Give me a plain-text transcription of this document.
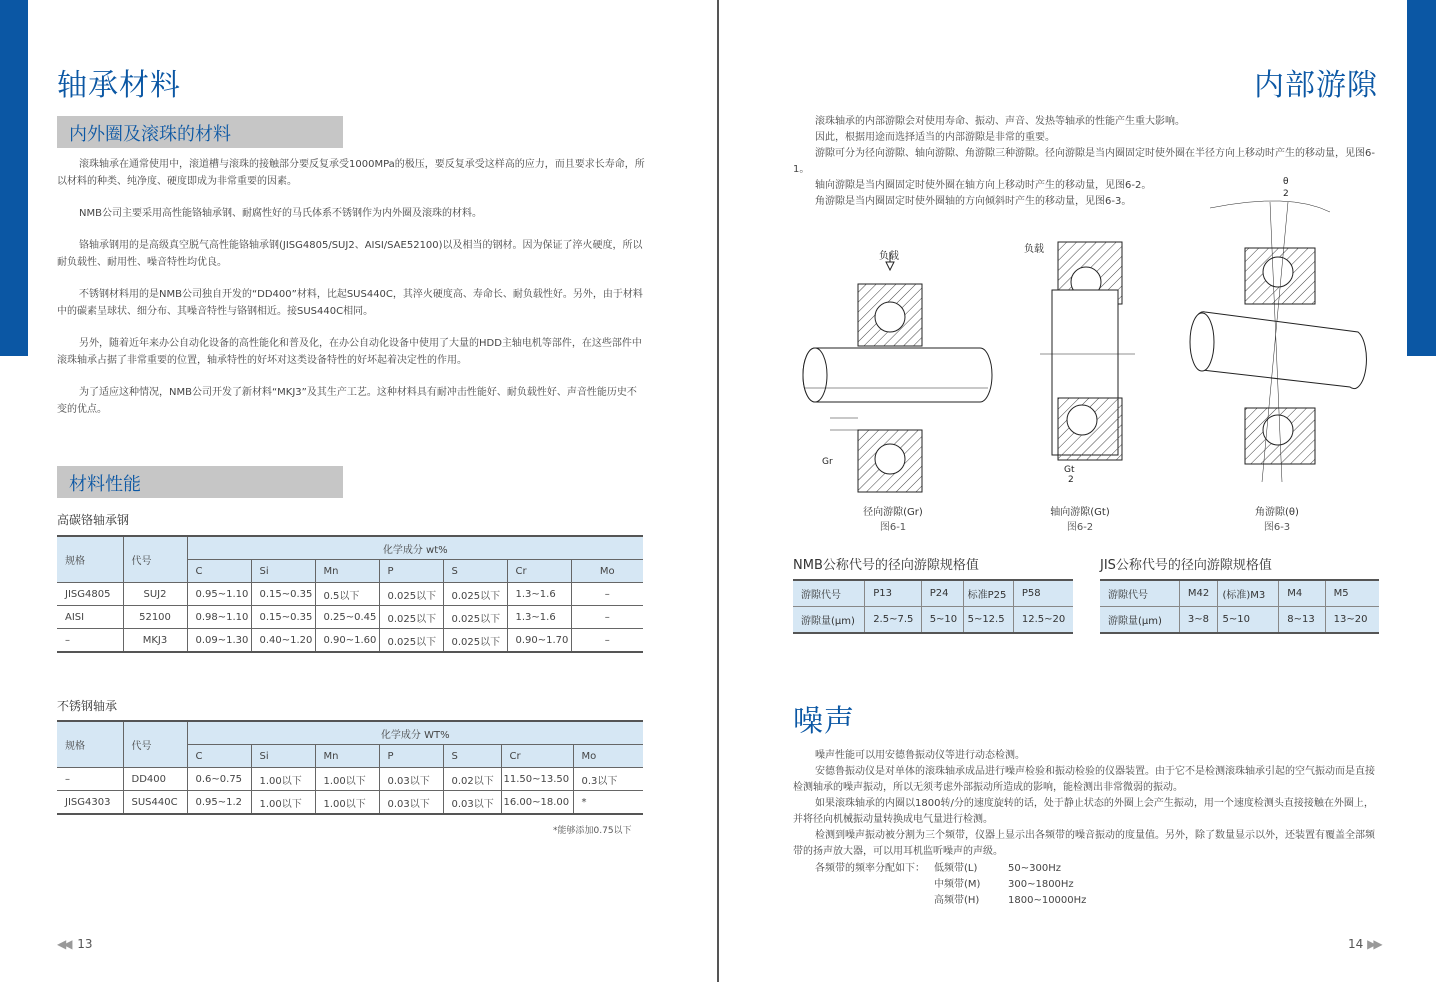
轴承材料
内外圈及滚珠的材料

滚珠轴承在通常使用中，滚道槽与滚珠的接触部分要反复承受1000MPa的极压，要反复承受这样高的应力，而且要求长寿命，所以材料的种类、纯净度、硬度即成为非常重要的因素。

NMB公司主要采用高性能铬轴承钢、耐腐性好的马氏体系不锈钢作为内外圈及滚珠的材料。

铬轴承钢用的是高级真空脱气高性能铬轴承钢(JISG4805/SUJ2、AISI/SAE52100)以及相当的钢材。因为保证了淬火硬度，所以耐负载性、耐用性、噪音特性均优良。

不锈钢材料用的是NMB公司独自开发的“DD400”材料，比起SUS440C，其淬火硬度高、寿命长、耐负载性好。另外，由于材料中的碳素呈球状、细分布、其噪音特性与铬钢相近。接SUS440C相同。

另外，随着近年来办公自动化设备的高性能化和普及化，在办公自动化设备中使用了大量的HDD主轴电机等部件，在这些部件中滚珠轴承占据了非常重要的位置，轴承特性的好坏对这类设备特性的好坏起着决定性的作用。

为了适应这种情况，NMB公司开发了新材料“MKJ3”及其生产工艺。这种材料具有耐冲击性能好、耐负载性好、声音性能历史不变的优点。

材料性能
高碳铬轴承钢
规格	代号	化学成分 wt%						
		C	Si	Mn	P	S	Cr	Mo
JISG4805	SUJ2	0.95~1.10	0.15~0.35	0.5以下	0.025以下	0.025以下	1.3~1.6	–
AISI	52100	0.98~1.10	0.15~0.35	0.25~0.45	0.025以下	0.025以下	1.3~1.6	–
–	MKJ3	0.09~1.30	0.40~1.20	0.90~1.60	0.025以下	0.025以下	0.90~1.70	–
不锈钢轴承
规格	代号	化学成分 WT%						
		C	Si	Mn	P	S	Cr	Mo
–	DD400	0.6~0.75	1.00以下	1.00以下	0.03以下	0.02以下	11.50~13.50	0.3以下
JISG4303	SUS440C	0.95~1.2	1.00以下	1.00以下	0.03以下	0.03以下	16.00~18.00	*
*能够添加0.75以下
◀◀ 13
内部游隙

滚珠轴承的内部游隙会对使用寿命、振动、声音、发热等轴承的性能产生重大影响。

因此，根据用途而选择适当的内部游隙是非常的重要。

游隙可分为径向游隙、轴向游隙、角游隙三种游隙。径向游隙是当内圈固定时使外圈在半径方向上移动时产生的移动量，见图6-1。

轴向游隙是当内圈固定时使外圈在轴方向上移动时产生的移动量，见图6-2。

角游隙是当内圈固定时使外圈轴的方向倾斜时产生的移动量，见图6-3。

负载
Gr
负载
Gt
2
θ
2
径向游隙(Gr)
图6-1
轴向游隙(Gt)
图6-2
角游隙(θ)
图6-3
NMB公称代号的径向游隙规格值
游隙代号	P13	P24	标准P25	P58
游隙量(μm)	2.5~7.5	5~10	5~12.5	12.5~20
JIS公称代号的径向游隙规格值
游隙代号	M42	(标准)M3	M4	M5
游隙量(μm)	3~8	5~10	8~13	13~20
噪声

噪声性能可以用安德鲁振动仪等进行动态检测。

安德鲁振动仪是对单体的滚珠轴承成品进行噪声检验和振动检验的仪器装置。由于它不是检测滚珠轴承引起的空气振动而是直接检测轴承的噪声振动，所以无须考虑外部振动所造成的影响，能检测出非常微弱的振动。

如果滚珠轴承的内圈以1800转/分的速度旋转的话，处于静止状态的外圈上会产生振动，用一个速度检测头直接接触在外圈上，并将径向机械振动量转换成电气量进行检测。

检测到噪声振动被分割为三个频带，仪器上显示出各频带的噪音振动的度量值。另外，除了数量显示以外，还装置有覆盖全部频带的扬声放大器，可以用耳机监听噪声的声级。

各频带的频率分配如下： 低频带(L)	50~300Hz
中频带(M)	300~1800Hz
高频带(H)	1800~10000Hz
14 ▶▶
